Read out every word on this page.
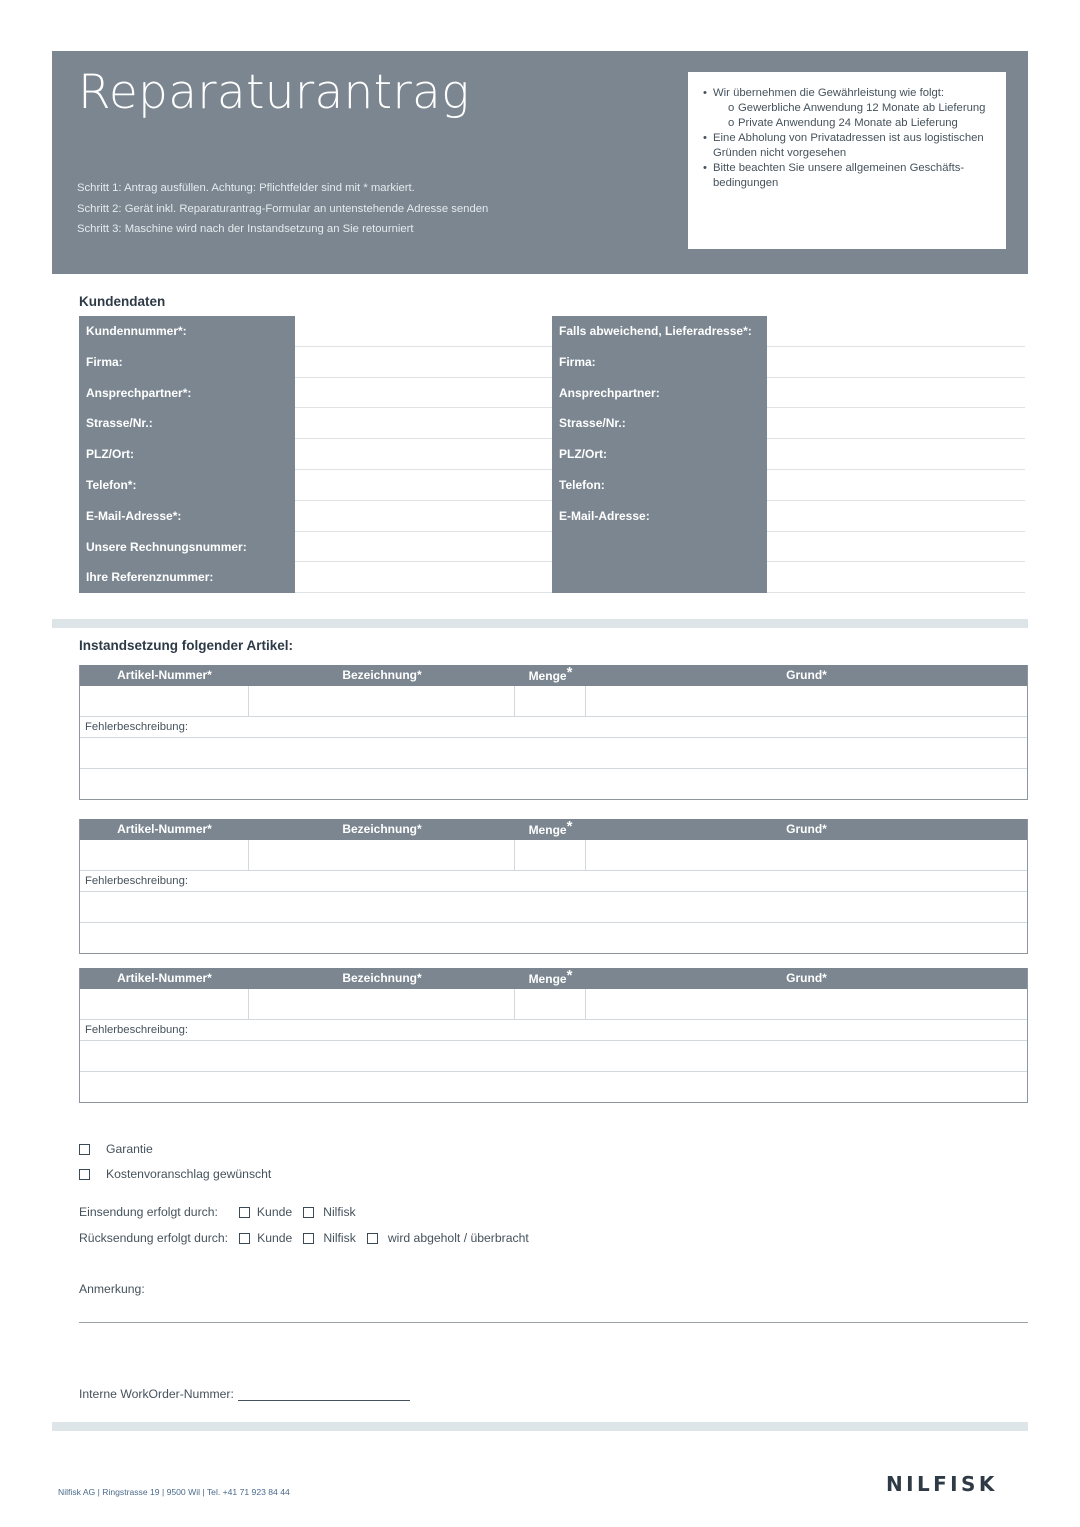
Reparaturantrag
Schritt 1: Antrag ausfüllen. Achtung: Pflichtfelder sind mit * markiert.
Schritt 2: Gerät inkl. Reparaturantrag-Formular an untenstehende Adresse senden
Schritt 3: Maschine wird nach der Instandsetzung an Sie retourniert
• Wir übernehmen die Gewährleistung wie folgt:
o Gewerbliche Anwendung 12 Monate ab Lieferung
o Private Anwendung 24 Monate ab Lieferung
• Eine Abholung von Privatadressen ist aus logistischen Gründen nicht vorgesehen
• Bitte beachten Sie unsere allgemeinen Geschäfts-bedingungen
Kundendaten
Kundennummer*:
Firma:
Ansprechpartner*:
Strasse/Nr.:
PLZ/Ort:
Telefon*:
E-Mail-Adresse*:
Unsere Rechnungsnummer:
Ihre Referenznummer:
Falls abweichend, Lieferadresse*:
Firma:
Ansprechpartner:
Strasse/Nr.:
PLZ/Ort:
Telefon:
E-Mail-Adresse:
Instandsetzung folgender Artikel:
Artikel-Nummer*	Bezeichnung*	Menge*	Grund*
Fehlerbeschreibung:
Artikel-Nummer*	Bezeichnung*	Menge*	Grund*
Fehlerbeschreibung:
Artikel-Nummer*	Bezeichnung*	Menge*	Grund*
Fehlerbeschreibung:
Garantie
Kostenvoranschlag gewünscht
Einsendung erfolgt durch:	Kunde	Nilfisk
Rücksendung erfolgt durch: Kunde	Nilfisk	wird abgeholt / überbracht
Anmerkung:
Interne WorkOrder-Nummer:
Nilfisk AG | Ringstrasse 19 | 9500 Wil | Tel. +41 71 923 84 44	NILFISK
